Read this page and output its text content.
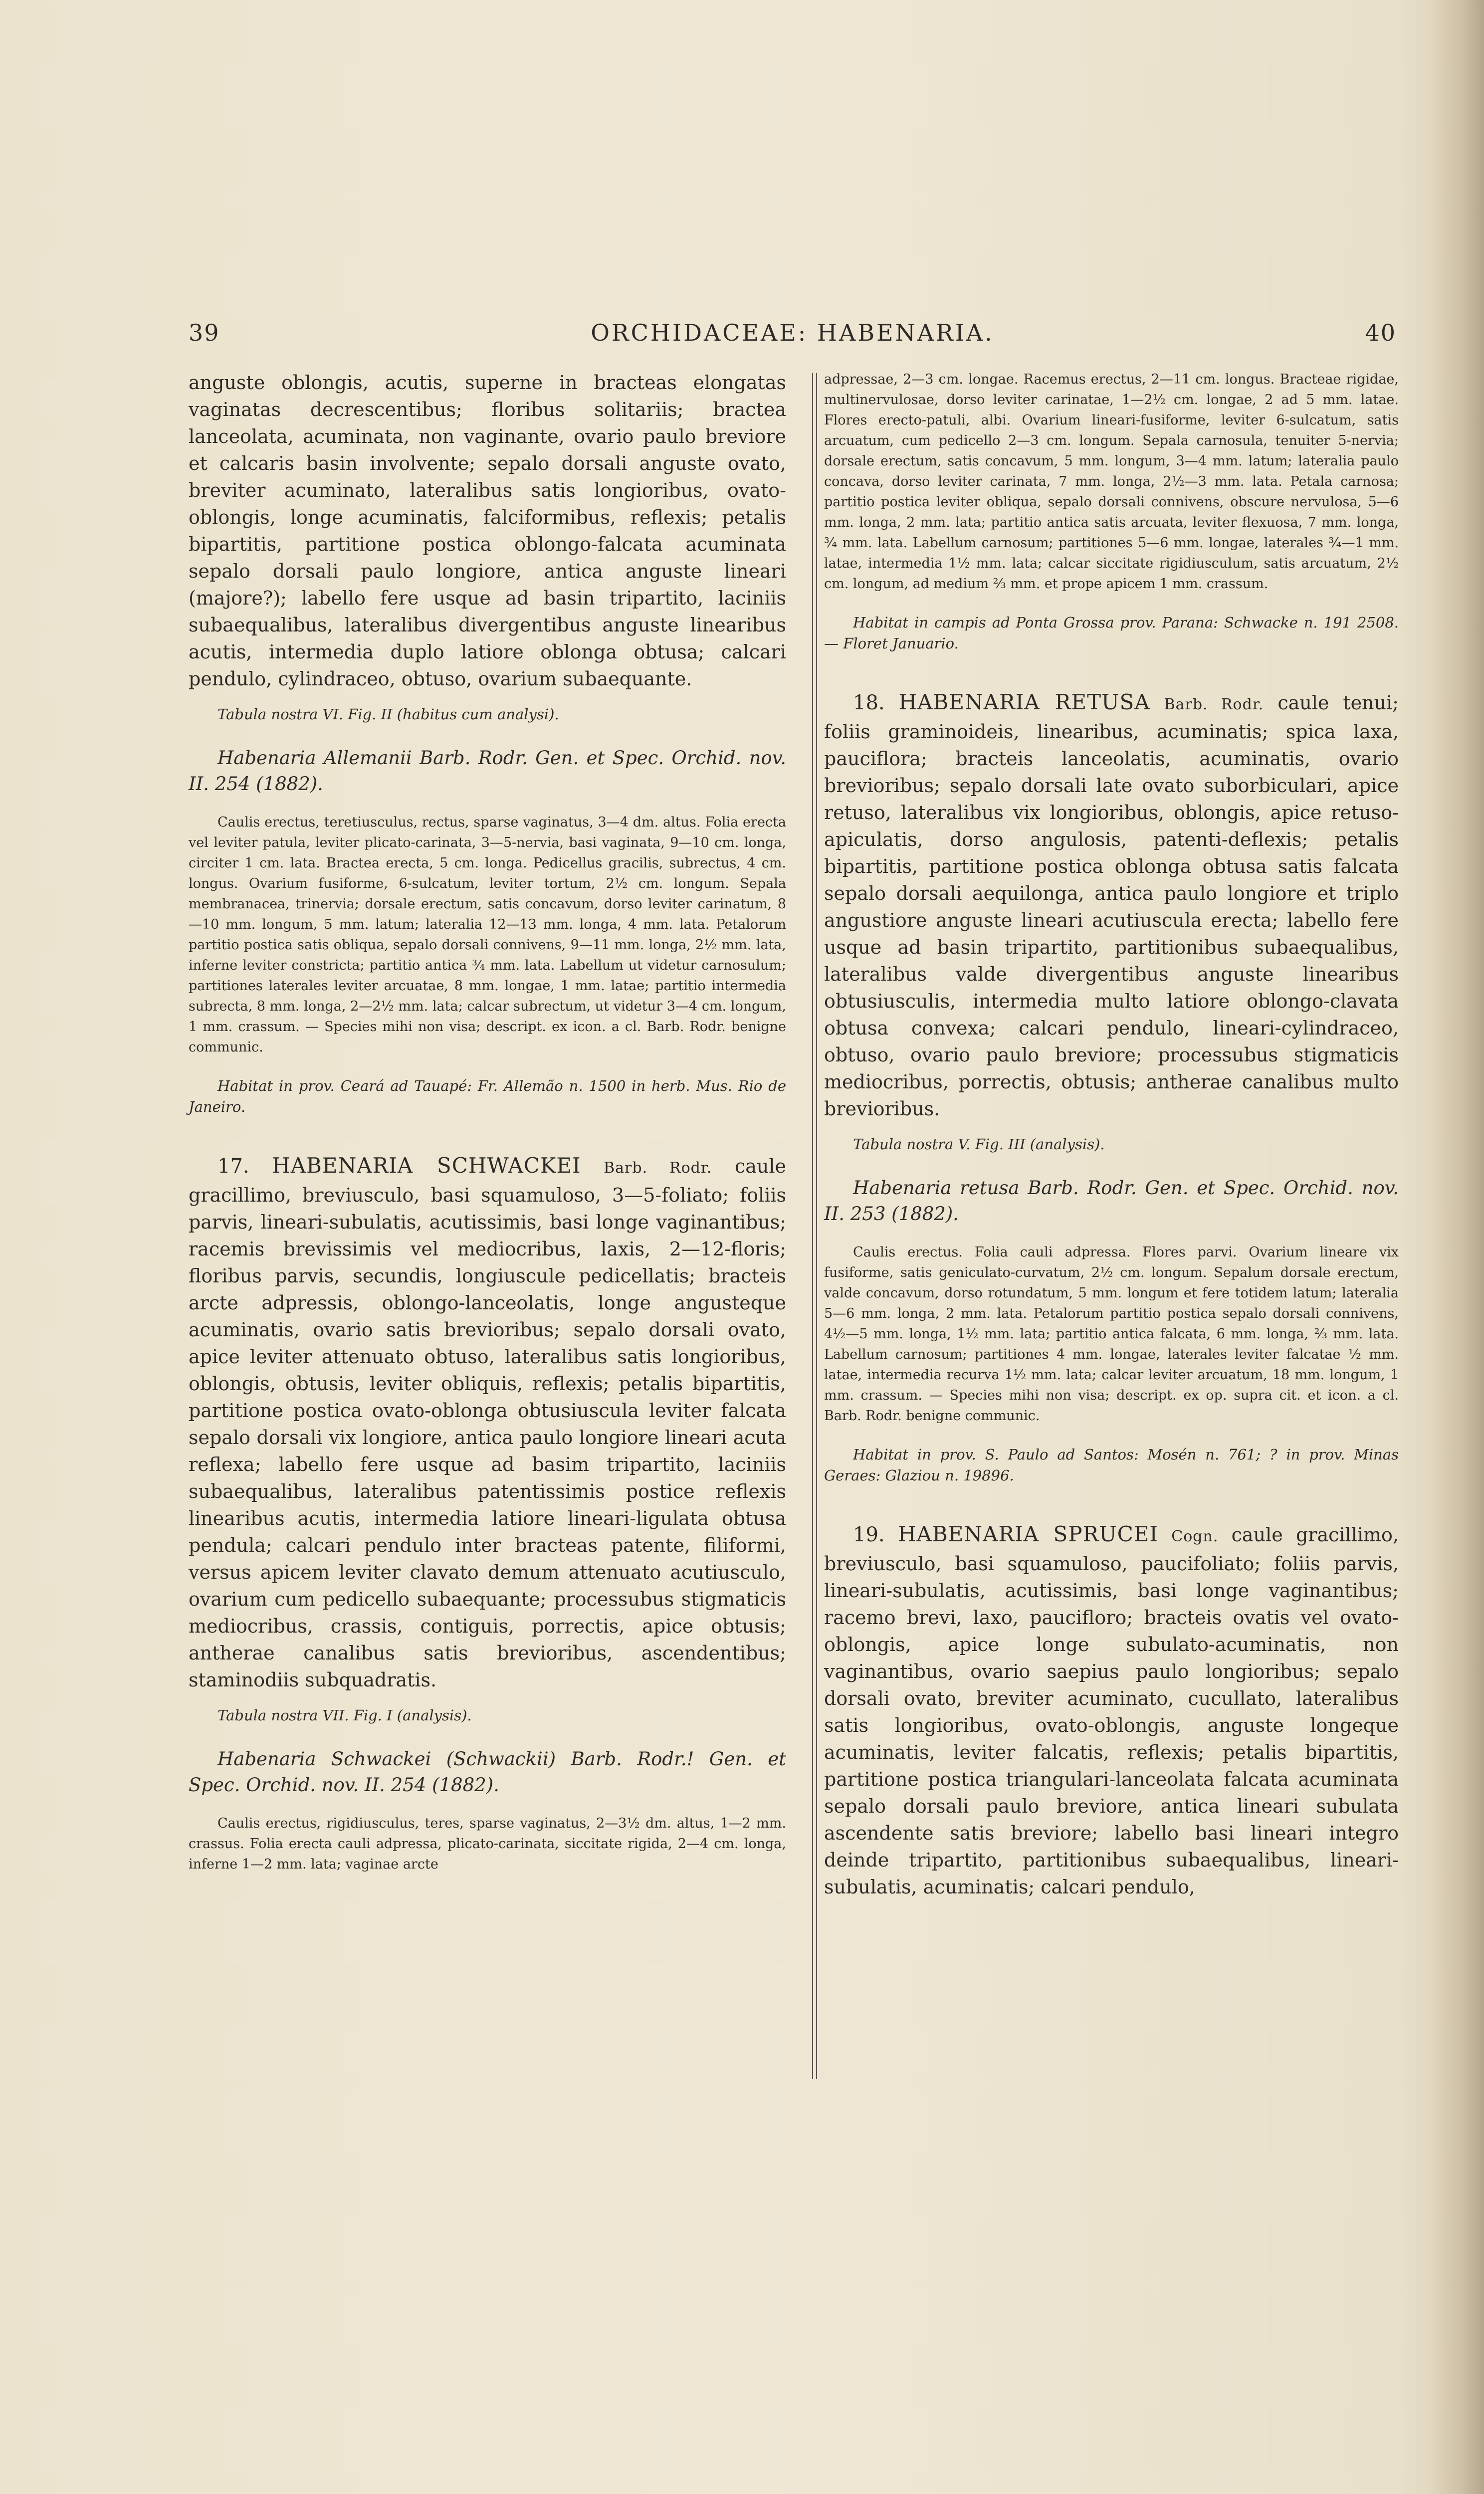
39	ORCHIDACEAE: HABENARIA.	40

anguste oblongis, acutis, superne in bracteas elongatas vaginatas decrescentibus; floribus solitariis; bractea lanceolata, acuminata, non vaginante, ovario paulo breviore et calcaris basin involvente; sepalo dorsali anguste ovato, breviter acuminato, lateralibus satis longioribus, ovato-oblongis, longe acuminatis, falciformibus, reflexis; petalis bipartitis, partitione postica oblongo-falcata acuminata sepalo dorsali paulo longiore, antica anguste lineari (majore?); labello fere usque ad basin tripartito, laciniis subaequalibus, lateralibus divergentibus anguste linearibus acutis, intermedia duplo latiore oblonga obtusa; calcari pendulo, cylindraceo, obtuso, ovarium subaequante.

Tabula nostra VI. Fig. II (habitus cum analysi).

Habenaria Allemanii Barb. Rodr. Gen. et Spec. Orchid. nov. II. 254 (1882).

Caulis erectus, teretiusculus, rectus, sparse vaginatus, 3—4 dm. altus. Folia erecta vel leviter patula, leviter plicato-carinata, 3—5-nervia, basi vaginata, 9—10 cm. longa, circiter 1 cm. lata. Bractea erecta, 5 cm. longa. Pedicellus gracilis, subrectus, 4 cm. longus. Ovarium fusiforme, 6-sulcatum, leviter tortum, 2½ cm. longum. Sepala membranacea, trinervia; dorsale erectum, satis concavum, dorso leviter carinatum, 8—10 mm. longum, 5 mm. latum; lateralia 12—13 mm. longa, 4 mm. lata. Petalorum partitio postica satis obliqua, sepalo dorsali connivens, 9—11 mm. longa, 2½ mm. lata, inferne leviter constricta; partitio antica ¾ mm. lata. Labellum ut videtur carnosulum; partitiones laterales leviter arcuatae, 8 mm. longae, 1 mm. latae; partitio intermedia subrecta, 8 mm. longa, 2—2½ mm. lata; calcar subrectum, ut videtur 3—4 cm. longum, 1 mm. crassum. — Species mihi non visa; descript. ex icon. a cl. Barb. Rodr. benigne communic.

Habitat in prov. Ceará ad Tauapé: Fr. Allemão n. 1500 in herb. Mus. Rio de Janeiro.

17. HABENARIA SCHWACKEI Barb. Rodr. caule gracillimo, breviusculo, basi squamuloso, 3—5-foliato; foliis parvis, lineari-subulatis, acutissimis, basi longe vaginantibus; racemis brevissimis vel mediocribus, laxis, 2—12-floris; floribus parvis, secundis, longiuscule pedicellatis; bracteis arcte adpressis, oblongo-lanceolatis, longe angusteque acuminatis, ovario satis brevioribus; sepalo dorsali ovato, apice leviter attenuato obtuso, lateralibus satis longioribus, oblongis, obtusis, leviter obliquis, reflexis; petalis bipartitis, partitione postica ovato-oblonga obtusiuscula leviter falcata sepalo dorsali vix longiore, antica paulo longiore lineari acuta reflexa; labello fere usque ad basim tripartito, laciniis subaequalibus, lateralibus patentissimis postice reflexis linearibus acutis, intermedia latiore lineari-ligulata obtusa pendula; calcari pendulo inter bracteas patente, filiformi, versus apicem leviter clavato demum attenuato acutiusculo, ovarium cum pedicello subaequante; processubus stigmaticis mediocribus, crassis, contiguis, porrectis, apice obtusis; antherae canalibus satis brevioribus, ascendentibus; staminodiis subquadratis.

Tabula nostra VII. Fig. I (analysis).

Habenaria Schwackei (Schwackii) Barb. Rodr.! Gen. et Spec. Orchid. nov. II. 254 (1882).

Caulis erectus, rigidiusculus, teres, sparse vaginatus, 2—3½ dm. altus, 1—2 mm. crassus. Folia erecta cauli adpressa, plicato-carinata, siccitate rigida, 2—4 cm. longa, inferne 1—2 mm. lata; vaginae arcte

adpressae, 2—3 cm. longae. Racemus erectus, 2—11 cm. longus. Bracteae rigidae, multinervulosae, dorso leviter carinatae, 1—2½ cm. longae, 2 ad 5 mm. latae. Flores erecto-patuli, albi. Ovarium lineari-fusiforme, leviter 6-sulcatum, satis arcuatum, cum pedicello 2—3 cm. longum. Sepala carnosula, tenuiter 5-nervia; dorsale erectum, satis concavum, 5 mm. longum, 3—4 mm. latum; lateralia paulo concava, dorso leviter carinata, 7 mm. longa, 2½—3 mm. lata. Petala carnosa; partitio postica leviter obliqua, sepalo dorsali connivens, obscure nervulosa, 5—6 mm. longa, 2 mm. lata; partitio antica satis arcuata, leviter flexuosa, 7 mm. longa, ¾ mm. lata. Labellum carnosum; partitiones 5—6 mm. longae, laterales ¾—1 mm. latae, intermedia 1½ mm. lata; calcar siccitate rigidiusculum, satis arcuatum, 2½ cm. longum, ad medium ⅔ mm. et prope apicem 1 mm. crassum.

Habitat in campis ad Ponta Grossa prov. Parana: Schwacke n. 191 2508. — Floret Januario.

18. HABENARIA RETUSA Barb. Rodr. caule tenui; foliis graminoideis, linearibus, acuminatis; spica laxa, pauciflora; bracteis lanceolatis, acuminatis, ovario brevioribus; sepalo dorsali late ovato suborbiculari, apice retuso, lateralibus vix longioribus, oblongis, apice retuso-apiculatis, dorso angulosis, patenti-deflexis; petalis bipartitis, partitione postica oblonga obtusa satis falcata sepalo dorsali aequilonga, antica paulo longiore et triplo angustiore anguste lineari acutiuscula erecta; labello fere usque ad basin tripartito, partitionibus subaequalibus, lateralibus valde divergentibus anguste linearibus obtusiusculis, intermedia multo latiore oblongo-clavata obtusa convexa; calcari pendulo, lineari-cylindraceo, obtuso, ovario paulo breviore; processubus stigmaticis mediocribus, porrectis, obtusis; antherae canalibus multo brevioribus.

Tabula nostra V. Fig. III (analysis).

Habenaria retusa Barb. Rodr. Gen. et Spec. Orchid. nov. II. 253 (1882).

Caulis erectus. Folia cauli adpressa. Flores parvi. Ovarium lineare vix fusiforme, satis geniculato-curvatum, 2½ cm. longum. Sepalum dorsale erectum, valde concavum, dorso rotundatum, 5 mm. longum et fere totidem latum; lateralia 5—6 mm. longa, 2 mm. lata. Petalorum partitio postica sepalo dorsali connivens, 4½—5 mm. longa, 1½ mm. lata; partitio antica falcata, 6 mm. longa, ⅔ mm. lata. Labellum carnosum; partitiones 4 mm. longae, laterales leviter falcatae ½ mm. latae, intermedia recurva 1½ mm. lata; calcar leviter arcuatum, 18 mm. longum, 1 mm. crassum. — Species mihi non visa; descript. ex op. supra cit. et icon. a cl. Barb. Rodr. benigne communic.

Habitat in prov. S. Paulo ad Santos: Mosén n. 761; ? in prov. Minas Geraes: Glaziou n. 19896.

19. HABENARIA SPRUCEI Cogn. caule gracillimo, breviusculo, basi squamuloso, paucifoliato; foliis parvis, lineari-subulatis, acutissimis, basi longe vaginantibus; racemo brevi, laxo, paucifloro; bracteis ovatis vel ovato-oblongis, apice longe subulato-acuminatis, non vaginantibus, ovario saepius paulo longioribus; sepalo dorsali ovato, breviter acuminato, cucullato, lateralibus satis longioribus, ovato-oblongis, anguste longeque acuminatis, leviter falcatis, reflexis; petalis bipartitis, partitione postica triangulari-lanceolata falcata acuminata sepalo dorsali paulo breviore, antica lineari subulata ascendente satis breviore; labello basi lineari integro deinde tripartito, partitionibus subaequalibus, lineari-subulatis, acuminatis; calcari pendulo,
